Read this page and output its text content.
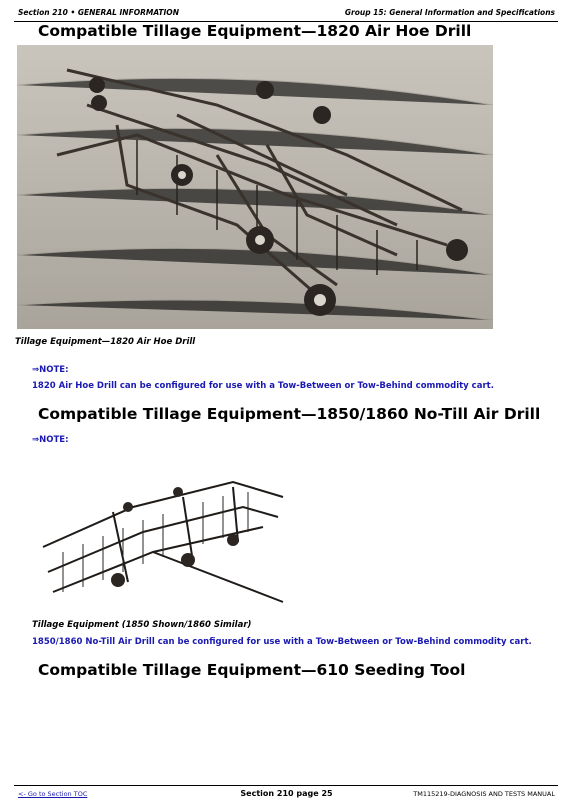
Section 210 • GENERAL INFORMATION	Group 15: General Information and Specifications
Compatible Tillage Equipment—1820 Air Hoe Drill
Tillage Equipment—1820 Air Hoe Drill
⇒NOTE:
1820 Air Hoe Drill can be configured for use with a Tow-Between or Tow-Behind commodity cart.
Compatible Tillage Equipment—1850/1860 No-Till Air Drill
⇒NOTE:
Tillage Equipment (1850 Shown/1860 Similar)
1850/1860 No-Till Air Drill can be configured for use with a Tow-Between or Tow-Behind commodity cart.
Compatible Tillage Equipment—610 Seeding Tool
<- Go to Section TOC	Section 210 page 25	TM115219-DIAGNOSIS AND TESTS MANUAL
